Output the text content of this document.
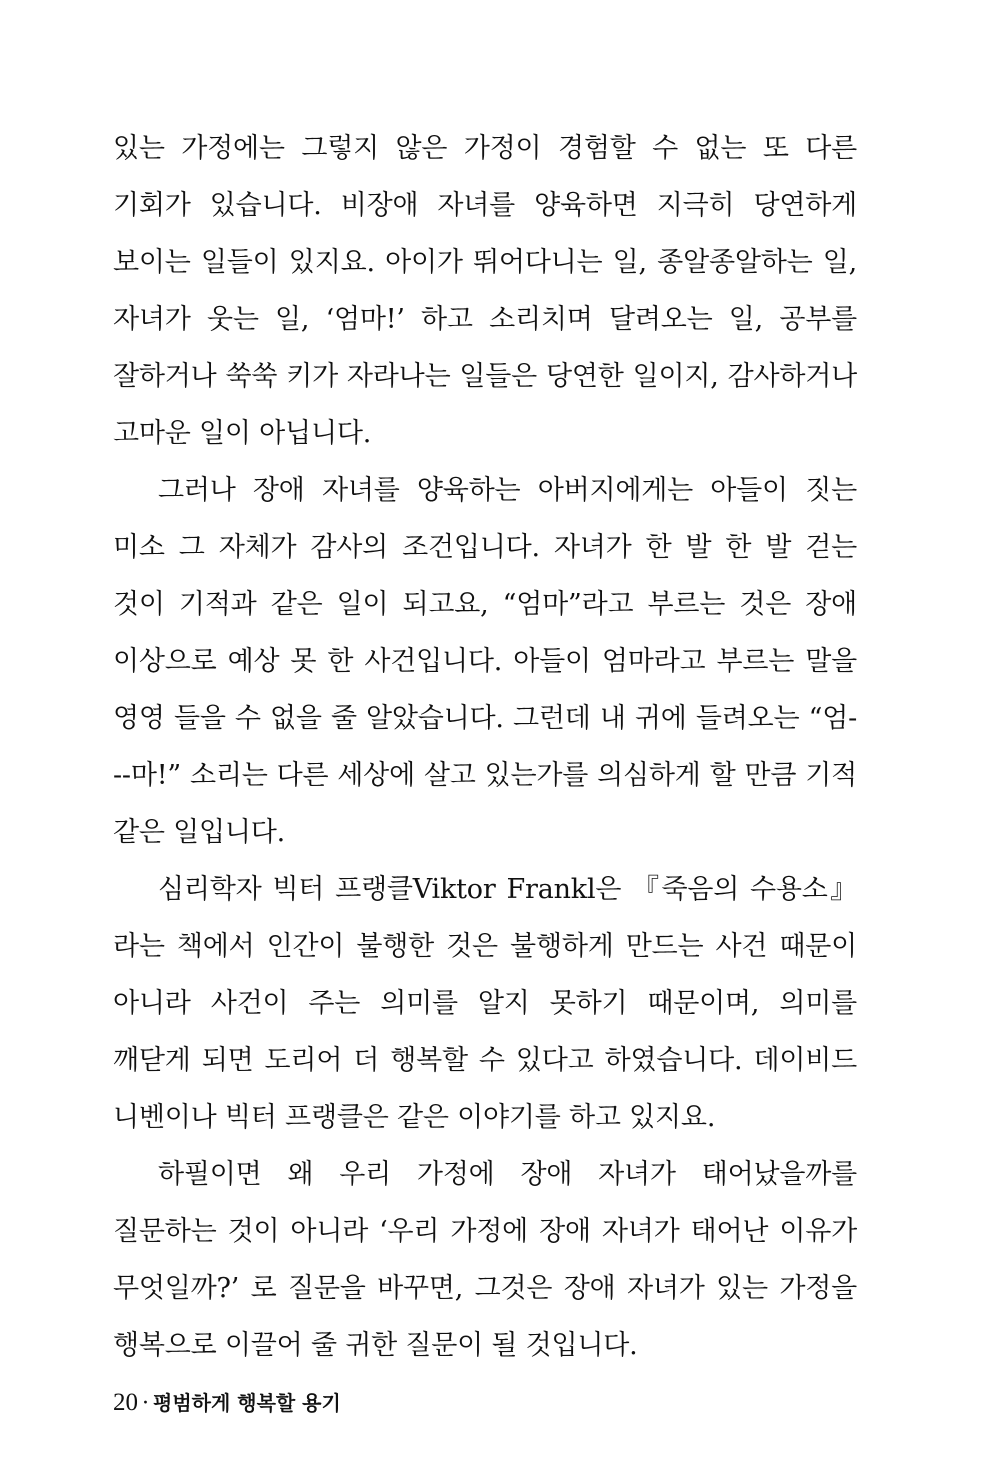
있는 가정에는 그렇지 않은 가정이 경험할 수 없는 또 다른 기회가 있습니다. 비장애 자녀를 양육하면 지극히 당연하게 보이는 일들이 있지요. 아이가 뛰어다니는 일, 종알종알하는 일, 자녀가 웃는 일, ‘엄마!’ 하고 소리치며 달려오는 일, 공부를 잘하거나 쑥쑥 키가 자라나는 일들은 당연한 일이지, 감사하거나 고마운 일이 아닙니다.

그러나 장애 자녀를 양육하는 아버지에게는 아들이 짓는 미소 그 자체가 감사의 조건입니다. 자녀가 한 발 한 발 걷는 것이 기적과 같은 일이 되고요, “엄마”라고 부르는 것은 장애 이상으로 예상 못 한 사건입니다. 아들이 엄마라고 부르는 말을 영영 들을 수 없을 줄 알았습니다. 그런데 내 귀에 들려오는 “엄---마!” 소리는 다른 세상에 살고 있는가를 의심하게 할 만큼 기적 같은 일입니다.

심리학자 빅터 프랭클Viktor Frankl은 『죽음의 수용소』라는 책에서 인간이 불행한 것은 불행하게 만드는 사건 때문이 아니라 사건이 주는 의미를 알지 못하기 때문이며, 의미를 깨닫게 되면 도리어 더 행복할 수 있다고 하였습니다. 데이비드 니벤이나 빅터 프랭클은 같은 이야기를 하고 있지요.

하필이면 왜 우리 가정에 장애 자녀가 태어났을까를 질문하는 것이 아니라 ‘우리 가정에 장애 자녀가 태어난 이유가 무엇일까?’ 로 질문을 바꾸면, 그것은 장애 자녀가 있는 가정을 행복으로 이끌어 줄 귀한 질문이 될 것입니다.

20 · 평범하게 행복할 용기
